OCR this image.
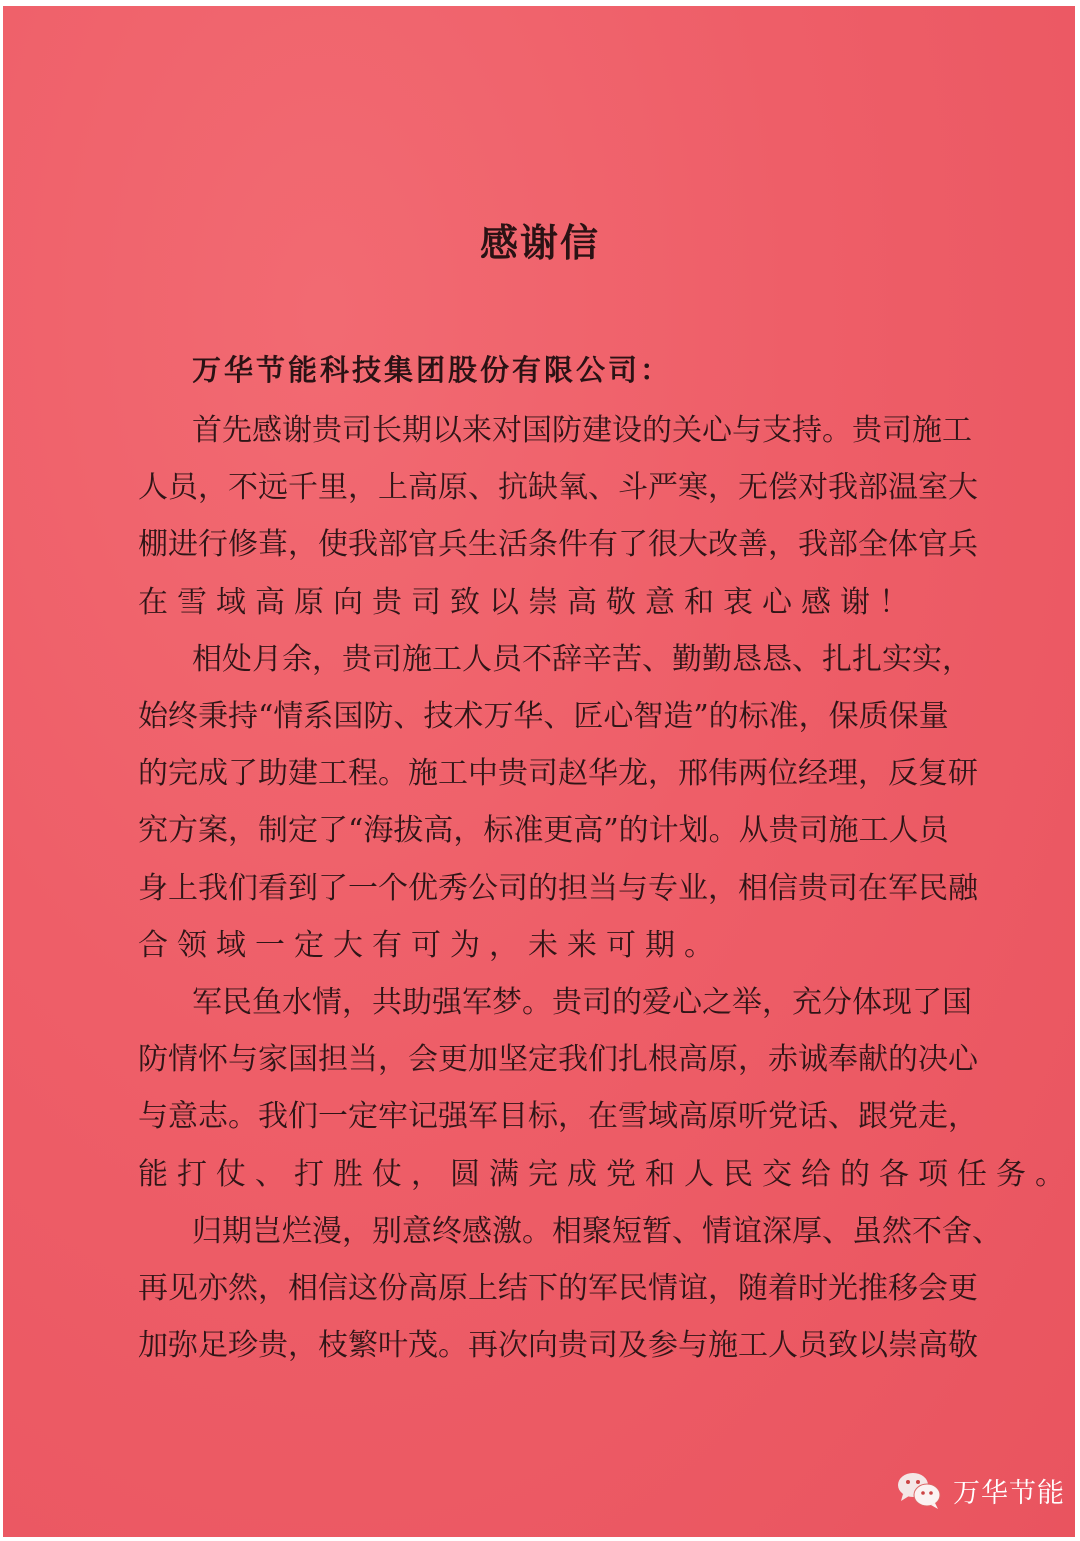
感谢信
万华节能科技集团股份有限公司：
首先感谢贵司长期以来对国防建设的关心与支持。贵司施工
人员，不远千里，上高原、抗缺氧、斗严寒，无偿对我部温室大
棚进行修葺，使我部官兵生活条件有了很大改善，我部全体官兵
在雪域高原向贵司致以崇高敬意和衷心感谢！
相处月余，贵司施工人员不辞辛苦、勤勤恳恳、扎扎实实，
始终秉持“情系国防、技术万华、匠心智造”的标准，保质保量
的完成了助建工程。施工中贵司赵华龙，邢伟两位经理，反复研
究方案，制定了“海拔高，标准更高”的计划。从贵司施工人员
身上我们看到了一个优秀公司的担当与专业，相信贵司在军民融
合领域一定大有可为，未来可期。
军民鱼水情，共助强军梦。贵司的爱心之举，充分体现了国
防情怀与家国担当，会更加坚定我们扎根高原，赤诚奉献的决心
与意志。我们一定牢记强军目标，在雪域高原听党话、跟党走，
能打仗、打胜仗，圆满完成党和人民交给的各项任务。
归期岂烂漫，别意终感激。相聚短暂、情谊深厚、虽然不舍、
再见亦然，相信这份高原上结下的军民情谊，随着时光推移会更
加弥足珍贵，枝繁叶茂。再次向贵司及参与施工人员致以崇高敬
万华节能
